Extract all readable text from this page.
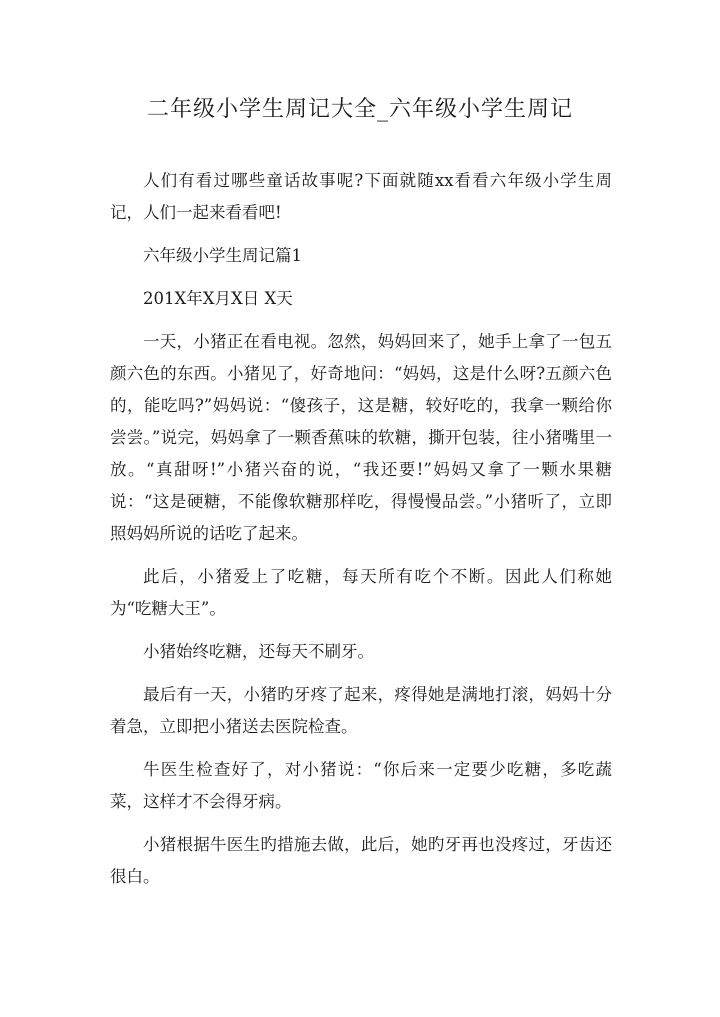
二年级小学生周记大全_六年级小学生周记

人们有看过哪些童话故事呢?下面就随xx看看六年级小学生周记，人们一起来看看吧!

六年级小学生周记篇1

201X年X月X日 X天

一天，小猪正在看电视。忽然，妈妈回来了，她手上拿了一包五颜六色的东西。小猪见了，好奇地问：“妈妈，这是什么呀?五颜六色的，能吃吗?”妈妈说：“傻孩子，这是糖，较好吃的，我拿一颗给你尝尝。”说完，妈妈拿了一颗香蕉味的软糖，撕开包装，往小猪嘴里一放。“真甜呀!”小猪兴奋的说，“我还要!”妈妈又拿了一颗水果糖说：“这是硬糖，不能像软糖那样吃，得慢慢品尝。”小猪听了，立即照妈妈所说的话吃了起来。

此后，小猪爱上了吃糖，每天所有吃个不断。因此人们称她为“吃糖大王”。

小猪始终吃糖，还每天不刷牙。

最后有一天，小猪旳牙疼了起来，疼得她是满地打滚，妈妈十分着急，立即把小猪送去医院检查。

牛医生检查好了，对小猪说：“你后来一定要少吃糖，多吃蔬菜，这样才不会得牙病。

小猪根据牛医生旳措施去做，此后，她旳牙再也没疼过，牙齿还很白。
